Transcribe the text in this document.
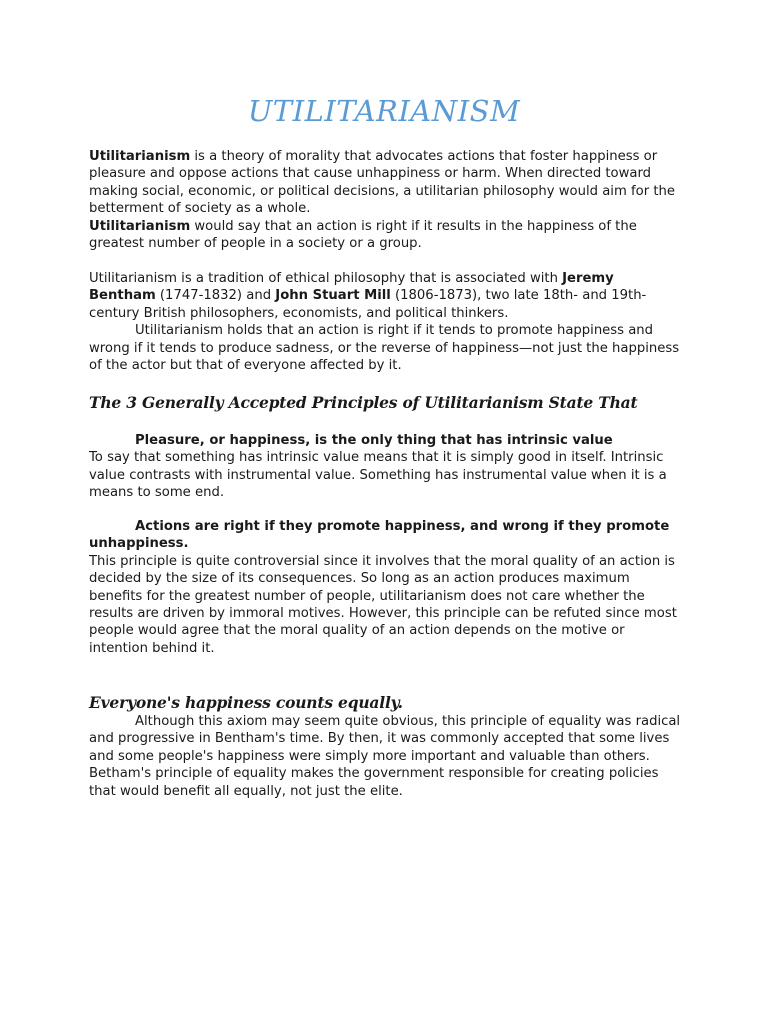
UTILITARIANISM

Utilitarianism is a theory of morality that advocates actions that foster happiness or pleasure and oppose actions that cause unhappiness or harm. When directed toward making social, economic, or political decisions, a utilitarian philosophy would aim for the betterment of society as a whole.

Utilitarianism would say that an action is right if it results in the happiness of the greatest number of people in a society or a group.

Utilitarianism is a tradition of ethical philosophy that is associated with Jeremy Bentham (1747-1832) and John Stuart Mill (1806-1873), two late 18th- and 19th-century British philosophers, economists, and political thinkers.

Utilitarianism holds that an action is right if it tends to promote happiness and wrong if it tends to produce sadness, or the reverse of happiness—not just the happiness of the actor but that of everyone affected by it.

The 3 Generally Accepted Principles of Utilitarianism State That

Pleasure, or happiness, is the only thing that has intrinsic value

To say that something has intrinsic value means that it is simply good in itself. Intrinsic value contrasts with instrumental value. Something has instrumental value when it is a means to some end.

Actions are right if they promote happiness, and wrong if they promote unhappiness.

This principle is quite controversial since it involves that the moral quality of an action is decided by the size of its consequences. So long as an action produces maximum benefits for the greatest number of people, utilitarianism does not care whether the results are driven by immoral motives. However, this principle can be refuted since most people would agree that the moral quality of an action depends on the motive or intention behind it.

Everyone's happiness counts equally.

Although this axiom may seem quite obvious, this principle of equality was radical and progressive in Bentham's time. By then, it was commonly accepted that some lives and some people's happiness were simply more important and valuable than others. Betham's principle of equality makes the government responsible for creating policies that would benefit all equally, not just the elite.
